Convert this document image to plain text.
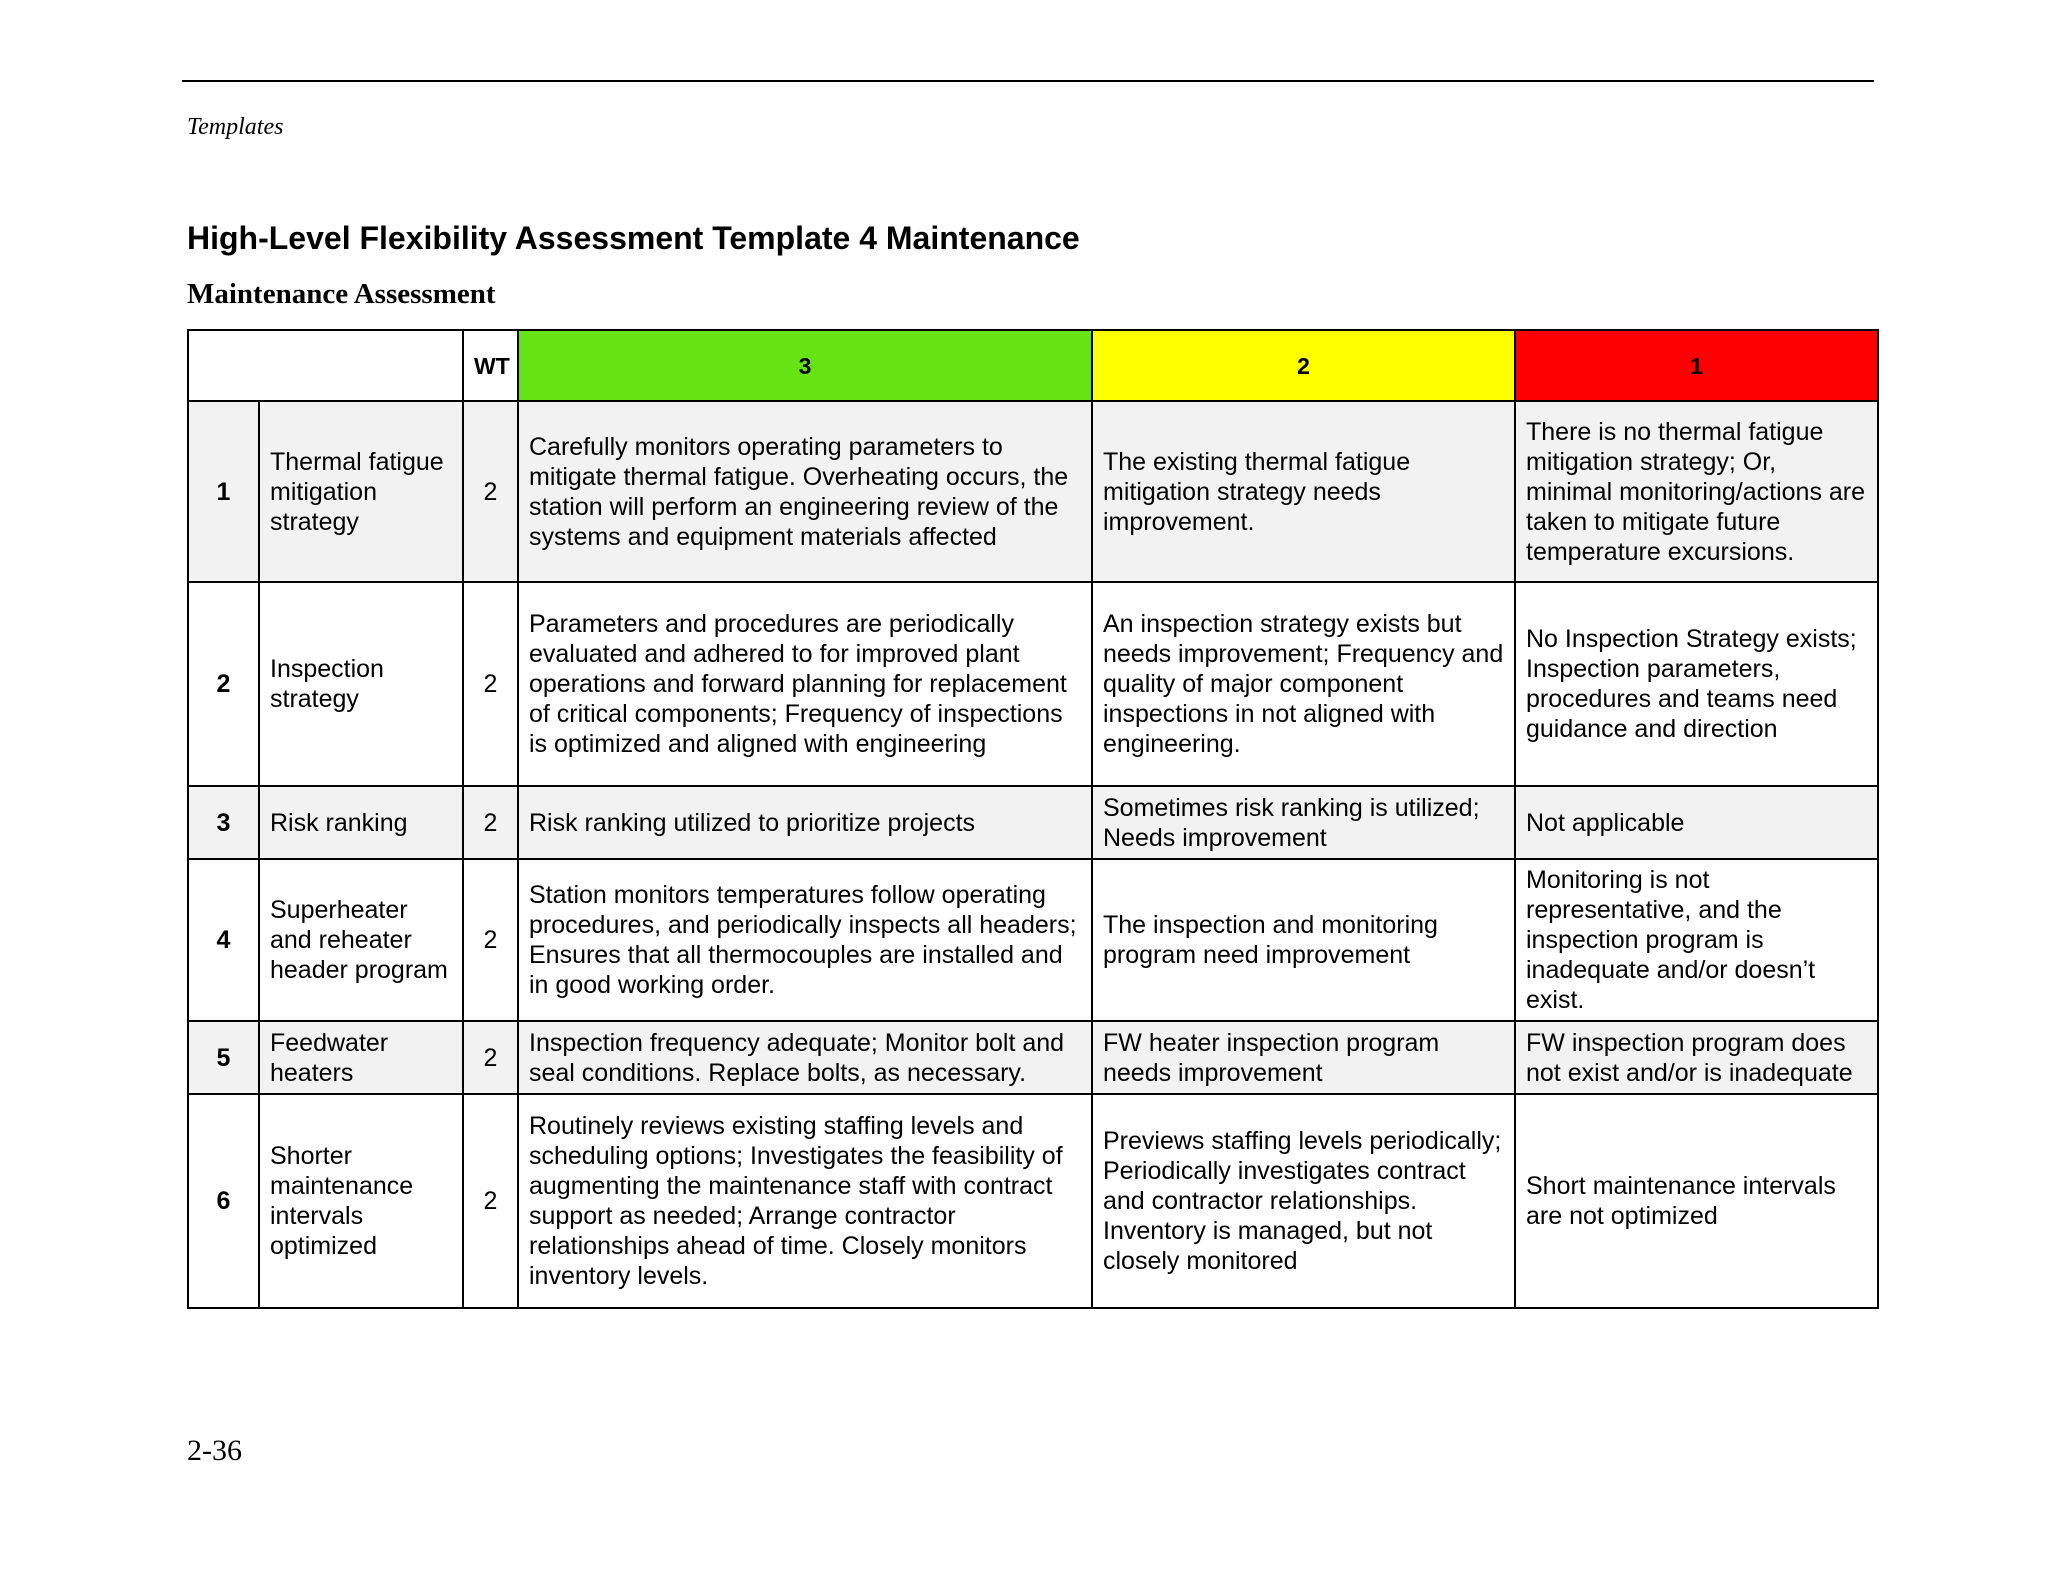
Templates
High-Level Flexibility Assessment Template 4 Maintenance
Maintenance Assessment
		WT	3	2	1
1	Thermal fatigue mitigation strategy	2	Carefully monitors operating parameters to mitigate thermal fatigue. Overheating occurs, the station will perform an engineering review of the systems and equipment materials affected	The existing thermal fatigue mitigation strategy needs improvement.	There is no thermal fatigue mitigation strategy; Or, minimal monitoring/actions are taken to mitigate future temperature excursions.
2	Inspection strategy	2	Parameters and procedures are periodically evaluated and adhered to for improved plant operations and forward planning for replacement of critical components; Frequency of inspections is optimized and aligned with engineering	An inspection strategy exists but needs improvement; Frequency and quality of major component inspections in not aligned with engineering.	No Inspection Strategy exists; Inspection parameters, procedures and teams need guidance and direction
3	Risk ranking	2	Risk ranking utilized to prioritize projects	Sometimes risk ranking is utilized; Needs improvement	Not applicable
4	Superheater and reheater header program	2	Station monitors temperatures follow operating procedures, and periodically inspects all headers; Ensures that all thermocouples are installed and in good working order.	The inspection and monitoring program need improvement	Monitoring is not representative, and the inspection program is inadequate and/or doesn’t exist.
5	Feedwater heaters	2	Inspection frequency adequate; Monitor bolt and seal conditions. Replace bolts, as necessary.	FW heater inspection program needs improvement	FW inspection program does not exist and/or is inadequate
6	Shorter maintenance intervals optimized	2	Routinely reviews existing staffing levels and scheduling options; Investigates the feasibility of augmenting the maintenance staff with contract support as needed; Arrange contractor relationships ahead of time. Closely monitors inventory levels.	Previews staffing levels periodically; Periodically investigates contract and contractor relationships. Inventory is managed, but not closely monitored	Short maintenance intervals are not optimized
2-36
